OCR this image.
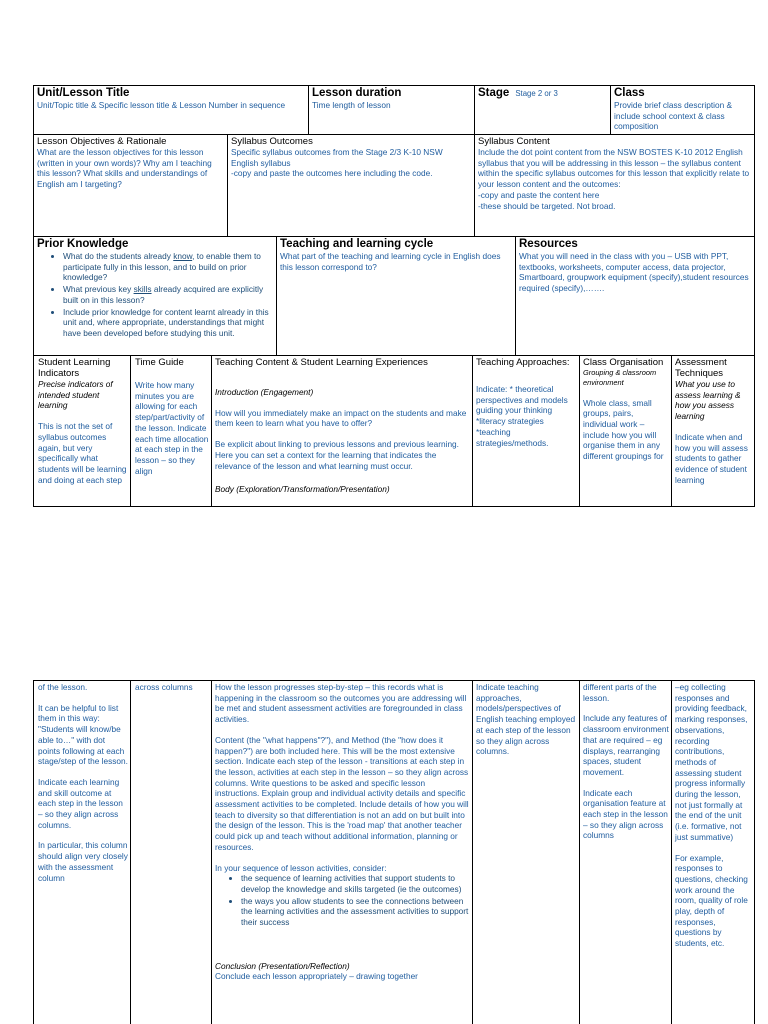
Unit/Lesson Title
Unit/Topic title & Specific lesson title & Lesson Number in sequence
Lesson duration
Time length of lesson
Stage Stage 2 or 3	Class
Provide brief class description & include school context & class composition
Lesson Objectives & Rationale
What are the lesson objectives for this lesson (written in your own words)? Why am I teaching this lesson? What skills and understandings of English am I targeting?
Syllabus Outcomes
Specific syllabus outcomes from the Stage 2/3 K-10 NSW English syllabus
-copy and paste the outcomes here including the code.
Syllabus Content
Include the dot point content from the NSW BOSTES K-10 2012 English syllabus that you will be addressing in this lesson – the syllabus content within the specific syllabus outcomes for this lesson that explicitly relate to your lesson content and the outcomes:
-copy and paste the content here
-these should be targeted. Not broad.
Prior Knowledge
• What do the students already know, to enable them to participate fully in this lesson, and to build on prior knowledge?
• What previous key skills already acquired are explicitly built on in this lesson?
• Include prior knowledge for content learnt already in this unit and, where appropriate, understandings that might have been developed before studying this unit.
Teaching and learning cycle
What part of the teaching and learning cycle in English does this lesson correspond to?
Resources
What you will need in the class with you – USB with PPT, textbooks, worksheets, computer access, data projector, Smartboard, groupwork equipment (specify),student resources required (specify),…….
Student Learning Indicators
Precise indicators of intended student learning
This is not the set of syllabus outcomes again, but very specifically what students will be learning and doing at each step
Time Guide
Write how many minutes you are allowing for each step/part/activity of the lesson. Indicate each time allocation at each step in the lesson – so they align
Teaching Content & Student Learning Experiences
Introduction (Engagement)
How will you immediately make an impact on the students and make them keen to learn what you have to offer?
Be explicit about linking to previous lessons and previous learning. Here you can set a context for the learning that indicates the relevance of the lesson and what learning must occur.
Body (Exploration/Transformation/Presentation)
Teaching Approaches:
Indicate: * theoretical perspectives and models guiding your thinking *literacy strategies *teaching strategies/methods.
Class Organisation
Grouping & classroom environment
Whole class, small groups, pairs, individual work – include how you will organise them in any different groupings for
Assessment Techniques
What you use to assess learning & how you assess learning
Indicate when and how you will assess students to gather evidence of student learning
of the lesson.
It can be helpful to list them in this way: "Students will know/be able to…" with dot points following at each stage/step of the lesson.
Indicate each learning and skill outcome at each step in the lesson – so they align across columns.
In particular, this column should align very closely with the assessment column
across columns	How the lesson progresses step-by-step – this records what is happening in the classroom so the outcomes you are addressing will be met and student assessment activities are foregrounded in class activities.
Content (the "what happens"?"), and Method (the "how does it happen?") are both included here. This will be the most extensive section. Indicate each step of the lesson - transitions at each step in the lesson, activities at each step in the lesson – so they align across columns. Write questions to be asked and specific lesson instructions. Explain group and individual activity details and specific assessment activities to be completed. Include details of how you will teach to diversity so that differentiation is not an add on but built into the design of the lesson. This is the 'road map' that another teacher could pick up and teach without additional information, planning or resources.
In your sequence of lesson activities, consider:
• the sequence of learning activities that support students to develop the knowledge and skills targeted (ie the outcomes)
• the ways you allow students to see the connections between the learning activities and the assessment activities to support their success
Conclusion (Presentation/Reflection)
Conclude each lesson appropriately – drawing together
Indicate teaching approaches, models/perspectives of English teaching employed at each step of the lesson so they align across columns.
different parts of the lesson.
Include any features of classroom environment that are required – eg displays, rearranging spaces, student movement.
Indicate each organisation feature at each step in the lesson – so they align across columns
–eg collecting responses and providing feedback, marking responses, observations, recording contributions, methods of assessing student progress informally during the lesson, not just formally at the end of the unit (i.e. formative, not just summative)
For example, responses to questions, checking work around the room, quality of role play, depth of responses, questions by students, etc.
